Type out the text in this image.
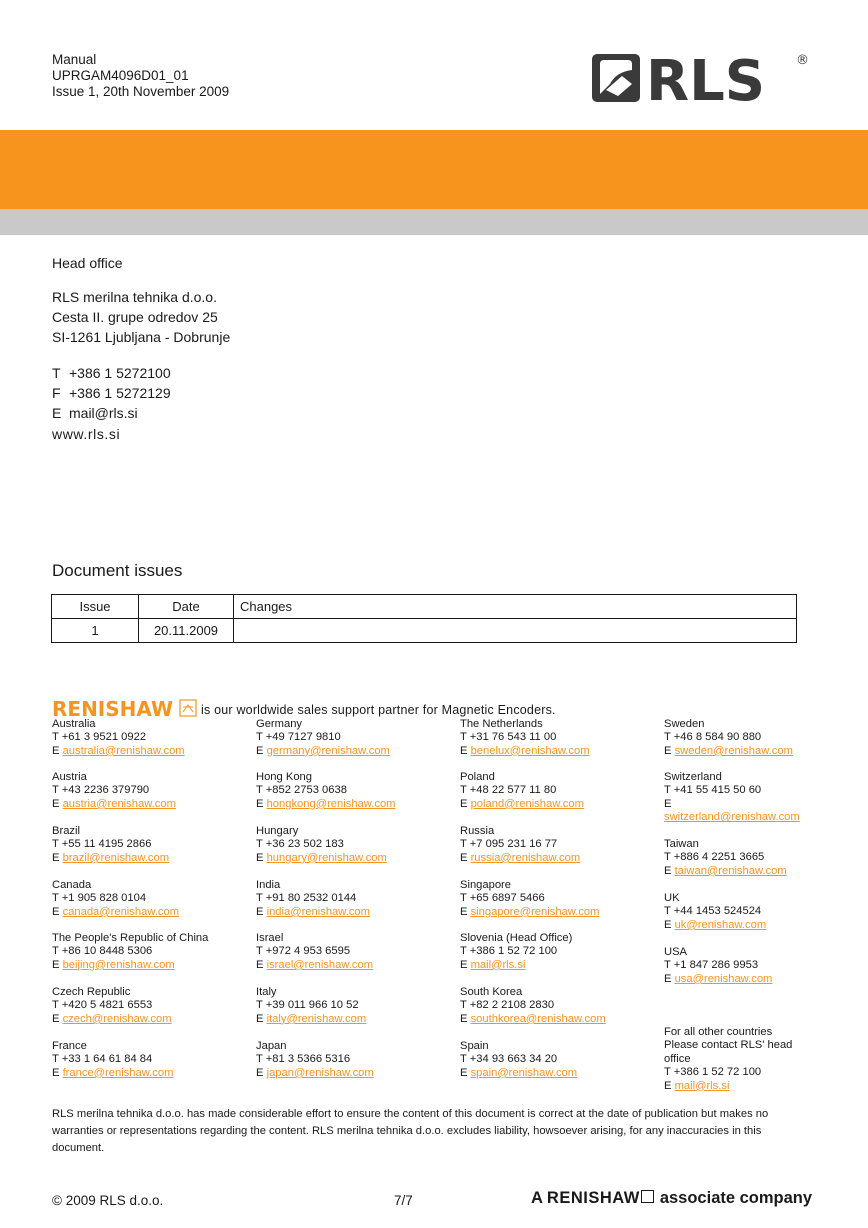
Manual
UPRGAM4096D01_01
Issue 1, 20th November 2009	RLS ®
Head office
RLS merilna tehnika d.o.o.
Cesta II. grupe odredov 25
SI-1261 Ljubljana - Dobrunje
T +386 1 5272100
F +386 1 5272129
E mail@rls.si
www.rls.si
Document issues
Issue	Date	Changes
1	20.11.2009	
RENISHAW is our worldwide sales support partner for Magnetic Encoders.
Australia
T +61 3 9521 0922
E australia@renishaw.com
Austria
T +43 2236 379790
E austria@renishaw.com
Brazil
T +55 11 4195 2866
E brazil@renishaw.com
Canada
T +1 905 828 0104
E canada@renishaw.com
The People's Republic of China
T +86 10 8448 5306
E beijing@renishaw.com
Czech Republic
T +420 5 4821 6553
E czech@renishaw.com
France
T +33 1 64 61 84 84
E france@renishaw.com
Germany
T +49 7127 9810
E germany@renishaw.com
Hong Kong
T +852 2753 0638
E hongkong@renishaw.com
Hungary
T +36 23 502 183
E hungary@renishaw.com
India
T +91 80 2532 0144
E india@renishaw.com
Israel
T +972 4 953 6595
E israel@renishaw.com
Italy
T +39 011 966 10 52
E italy@renishaw.com
Japan
T +81 3 5366 5316
E japan@renishaw.com
The Netherlands
T +31 76 543 11 00
E benelux@renishaw.com
Poland
T +48 22 577 11 80
E poland@renishaw.com
Russia
T +7 095 231 16 77
E russia@renishaw.com
Singapore
T +65 6897 5466
E singapore@renishaw.com
Slovenia (Head Office)
T +386 1 52 72 100
E mail@rls.si
South Korea
T +82 2 2108 2830
E southkorea@renishaw.com
Spain
T +34 93 663 34 20
E spain@renishaw.com
Sweden
T +46 8 584 90 880
E sweden@renishaw.com
Switzerland
T +41 55 415 50 60
E
switzerland@renishaw.com
Taiwan
T +886 4 2251 3665
E taiwan@renishaw.com
UK
T +44 1453 524524
E uk@renishaw.com
USA
T +1 847 286 9953
E usa@renishaw.com
For all other countries
Please contact RLS' head office
T +386 1 52 72 100
E mail@rls.si
RLS merilna tehnika d.o.o. has made considerable effort to ensure the content of this document is correct at the date of publication but makes no warranties or representations regarding the content. RLS merilna tehnika d.o.o. excludes liability, howsoever arising, for any inaccuracies in this document.
© 2009 RLS d.o.o.	7/7	A RENISHAW associate company
